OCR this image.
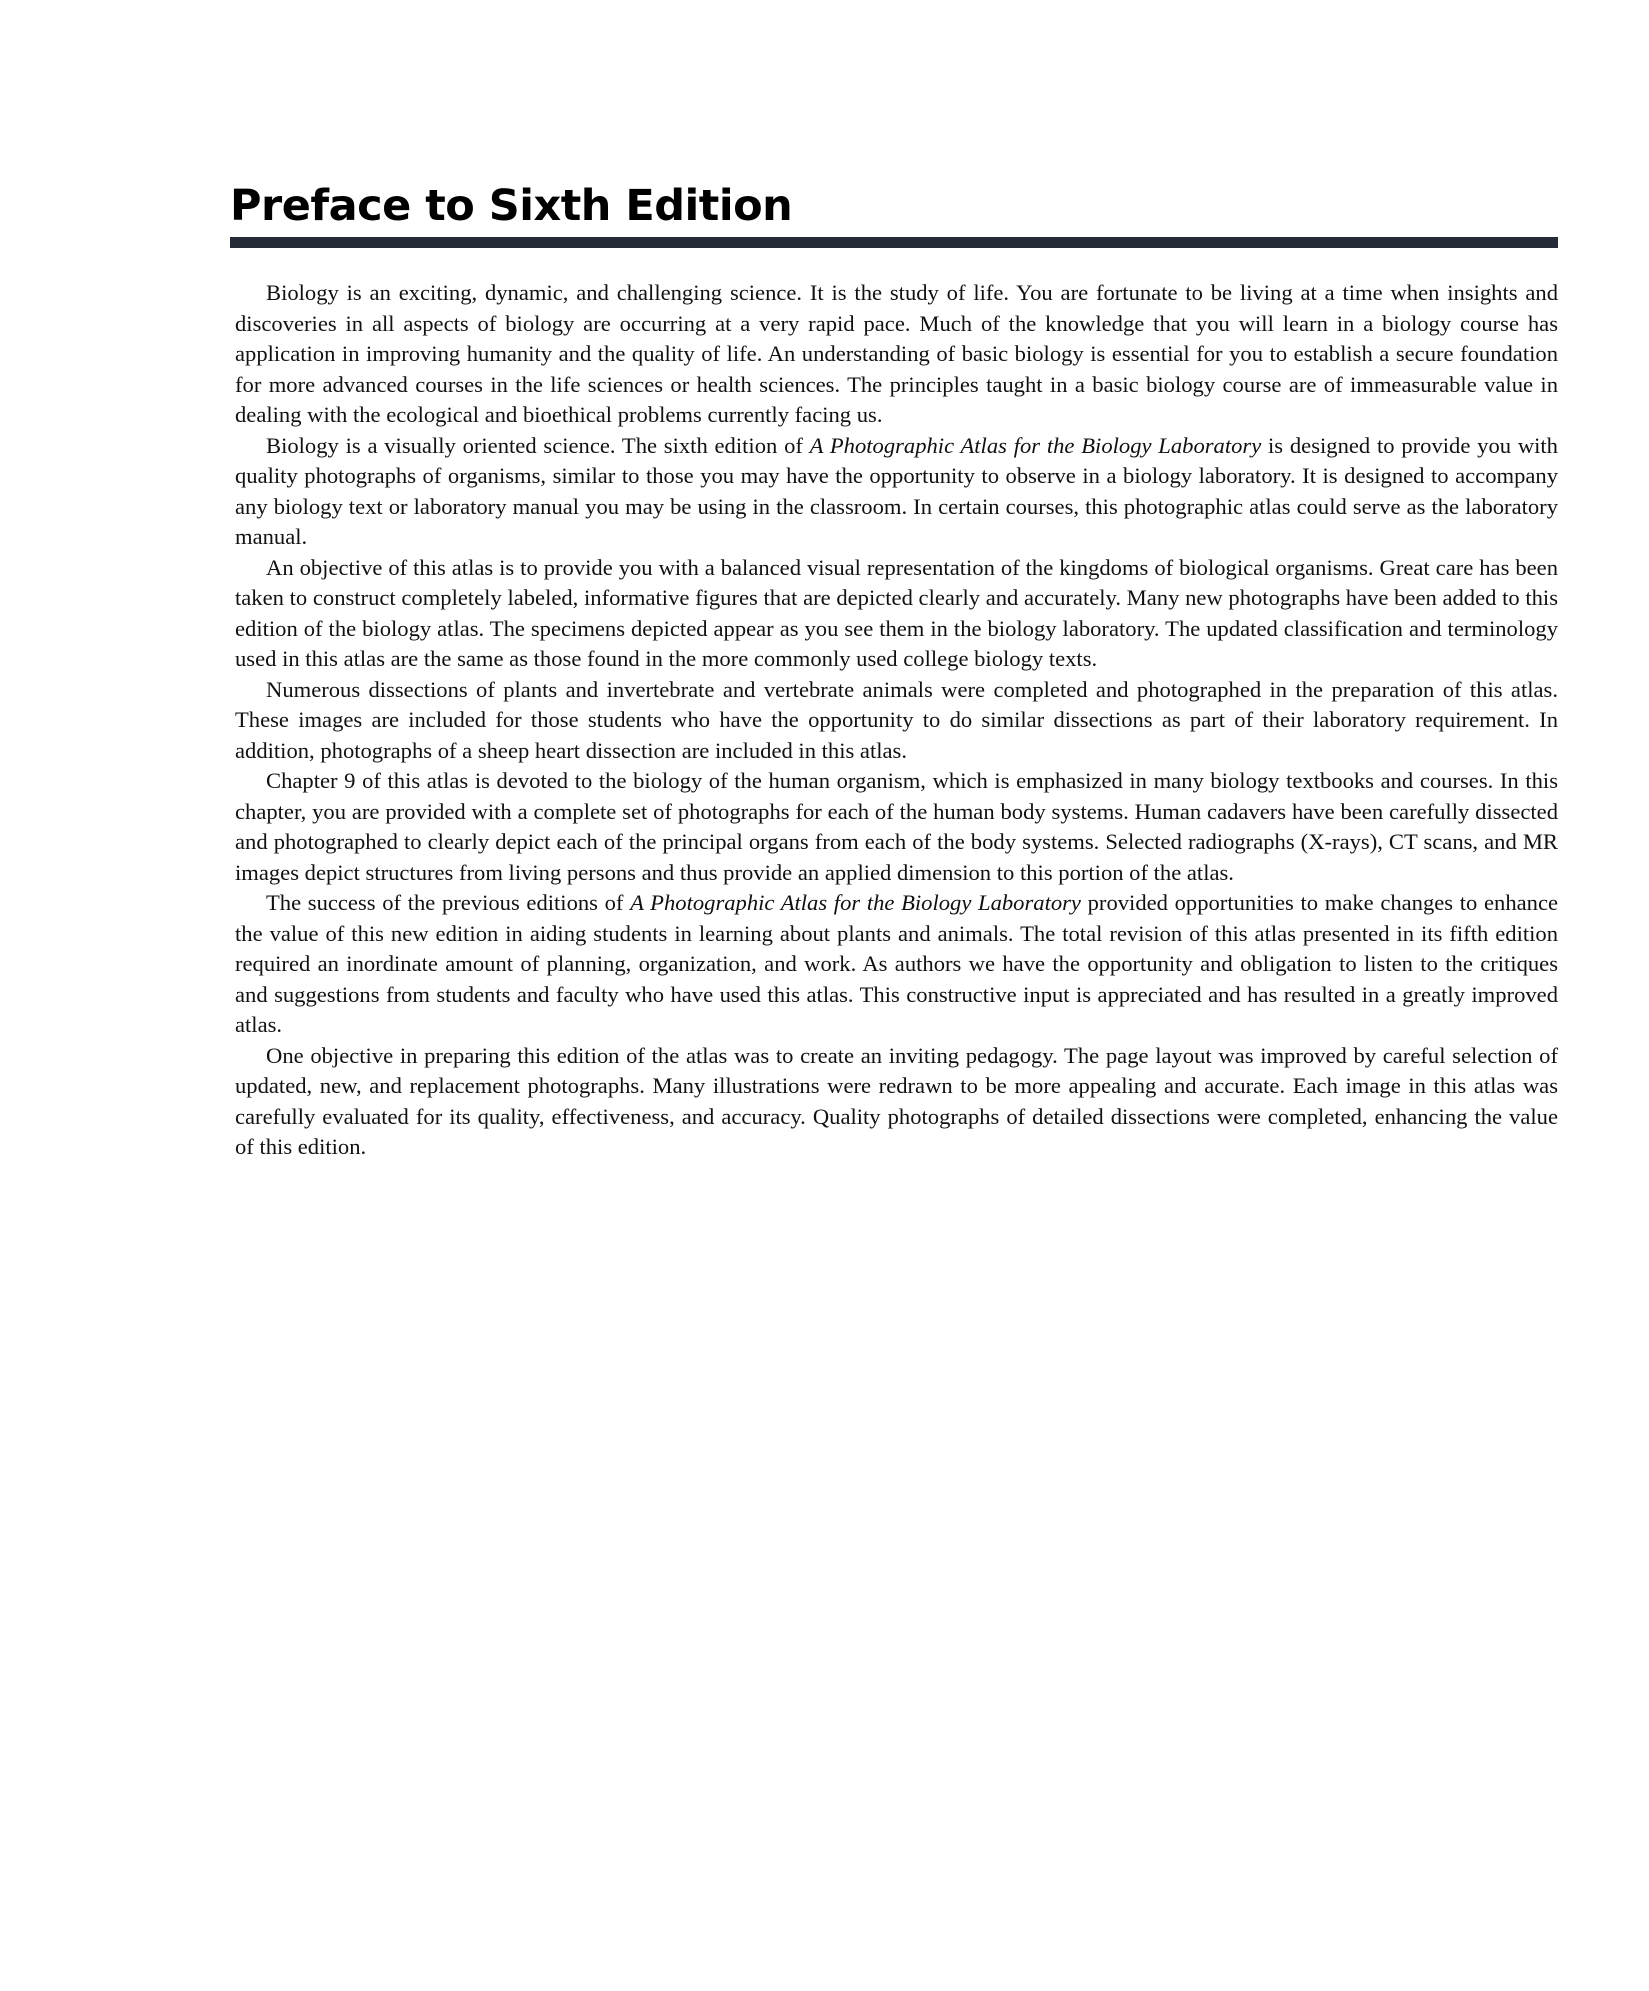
Preface to Sixth Edition

Biology is an exciting, dynamic, and challenging science. It is the study of life. You are fortunate to be living at a time when insights and discoveries in all aspects of biology are occurring at a very rapid pace. Much of the knowledge that you will learn in a biology course has application in improving humanity and the quality of life. An understanding of basic biology is essential for you to establish a secure foundation for more advanced courses in the life sciences or health sciences. The principles taught in a basic biology course are of immeasurable value in dealing with the ecological and bioethical problems currently facing us.

Biology is a visually oriented science. The sixth edition of A Photographic Atlas for the Biology Laboratory is designed to provide you with quality photographs of organisms, similar to those you may have the opportunity to observe in a biology laboratory. It is designed to accompany any biology text or laboratory manual you may be using in the classroom. In certain courses, this photographic atlas could serve as the laboratory manual.

An objective of this atlas is to provide you with a balanced visual representation of the kingdoms of biological organisms. Great care has been taken to construct completely labeled, informative figures that are depicted clearly and accurately. Many new photographs have been added to this edition of the biology atlas. The specimens depicted appear as you see them in the biology laboratory. The updated classification and terminology used in this atlas are the same as those found in the more commonly used college biology texts.

Numerous dissections of plants and invertebrate and vertebrate animals were completed and photographed in the preparation of this atlas. These images are included for those students who have the opportunity to do similar dissections as part of their laboratory requirement. In addition, photographs of a sheep heart dissection are included in this atlas.

Chapter 9 of this atlas is devoted to the biology of the human organism, which is emphasized in many biology textbooks and courses. In this chapter, you are provided with a complete set of photographs for each of the human body systems. Human cadavers have been carefully dissected and photographed to clearly depict each of the principal organs from each of the body systems. Selected radiographs (X-rays), CT scans, and MR images depict structures from living persons and thus provide an applied dimension to this portion of the atlas.

The success of the previous editions of A Photographic Atlas for the Biology Laboratory provided opportunities to make changes to enhance the value of this new edition in aiding students in learning about plants and animals. The total revision of this atlas presented in its fifth edition required an inordinate amount of planning, organization, and work. As authors we have the opportunity and obligation to listen to the critiques and suggestions from students and faculty who have used this atlas. This constructive input is appreciated and has resulted in a greatly improved atlas.

One objective in preparing this edition of the atlas was to create an inviting pedagogy. The page layout was improved by careful selection of updated, new, and replacement photographs. Many illustrations were redrawn to be more appealing and accurate. Each image in this atlas was carefully evaluated for its quality, effectiveness, and accuracy. Quality photographs of detailed dissections were completed, enhancing the value of this edition.
